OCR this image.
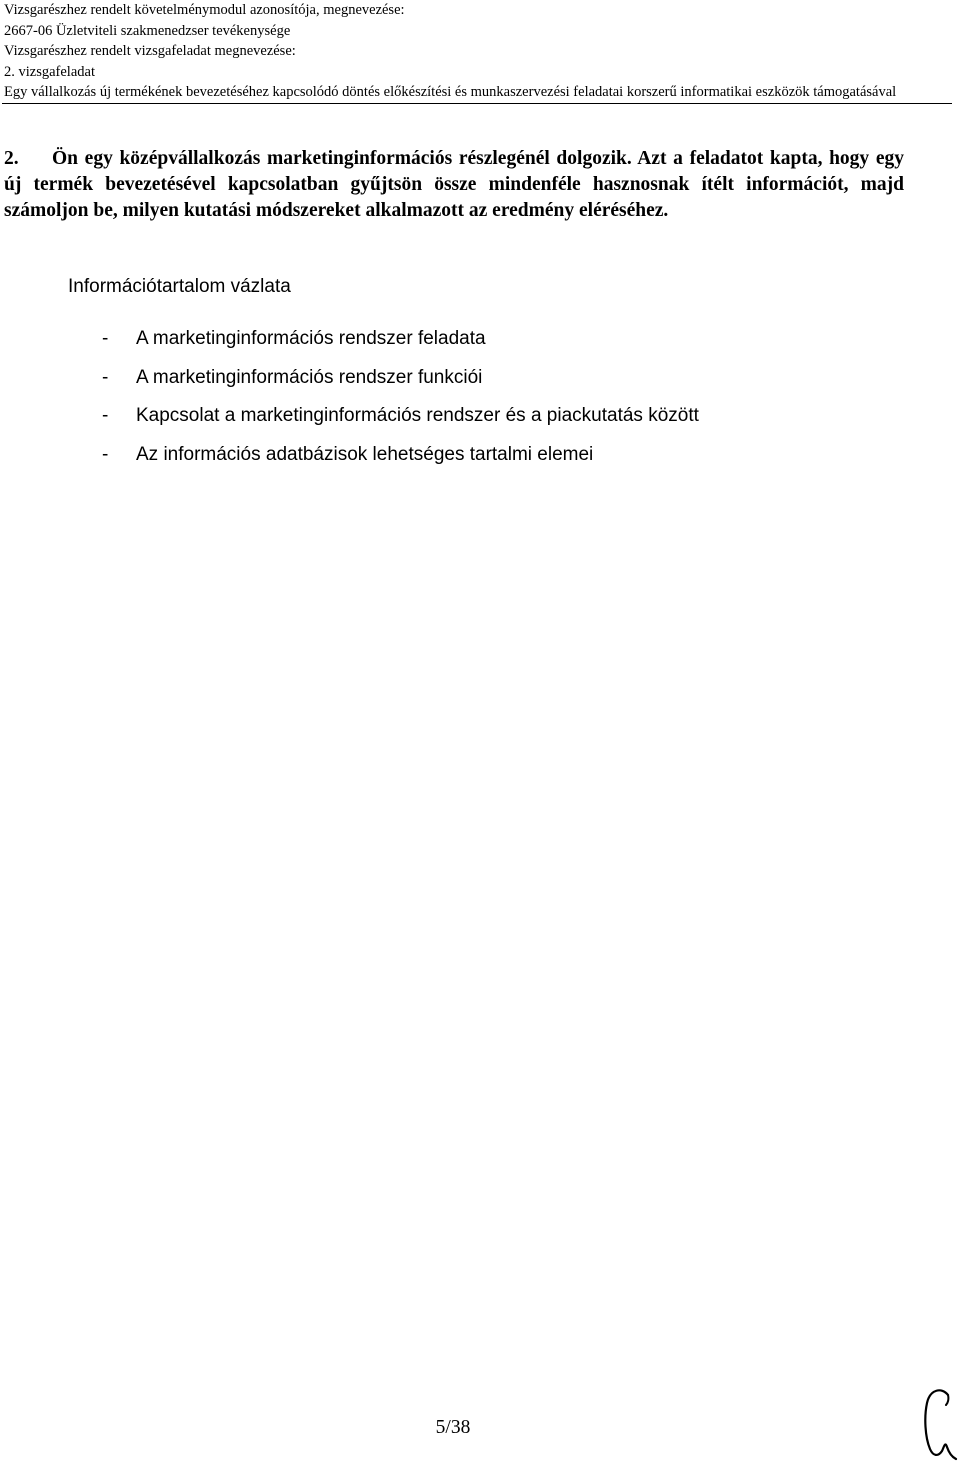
Vizsgarészhez rendelt követelménymodul azonosítója, megnevezése:
2667-06 Üzletviteli szakmenedzser tevékenysége
Vizsgarészhez rendelt vizsgafeladat megnevezése:
2. vizsgafeladat
Egy vállalkozás új termékének bevezetéséhez kapcsolódó döntés előkészítési és munkaszervezési feladatai korszerű informatikai eszközök támogatásával

2. Ön egy középvállalkozás marketinginformációs részlegénél dolgozik. Azt a feladatot kapta, hogy egy új termék bevezetésével kapcsolatban gyűjtsön össze mindenféle hasznosnak ítélt információt, majd számoljon be, milyen kutatási módszereket alkalmazott az eredmény eléréséhez.

Információtartalom vázlata
- A marketinginformációs rendszer feladata
- A marketinginformációs rendszer funkciói
- Kapcsolat a marketinginformációs rendszer és a piackutatás között
- Az információs adatbázisok lehetséges tartalmi elemei
5/38
